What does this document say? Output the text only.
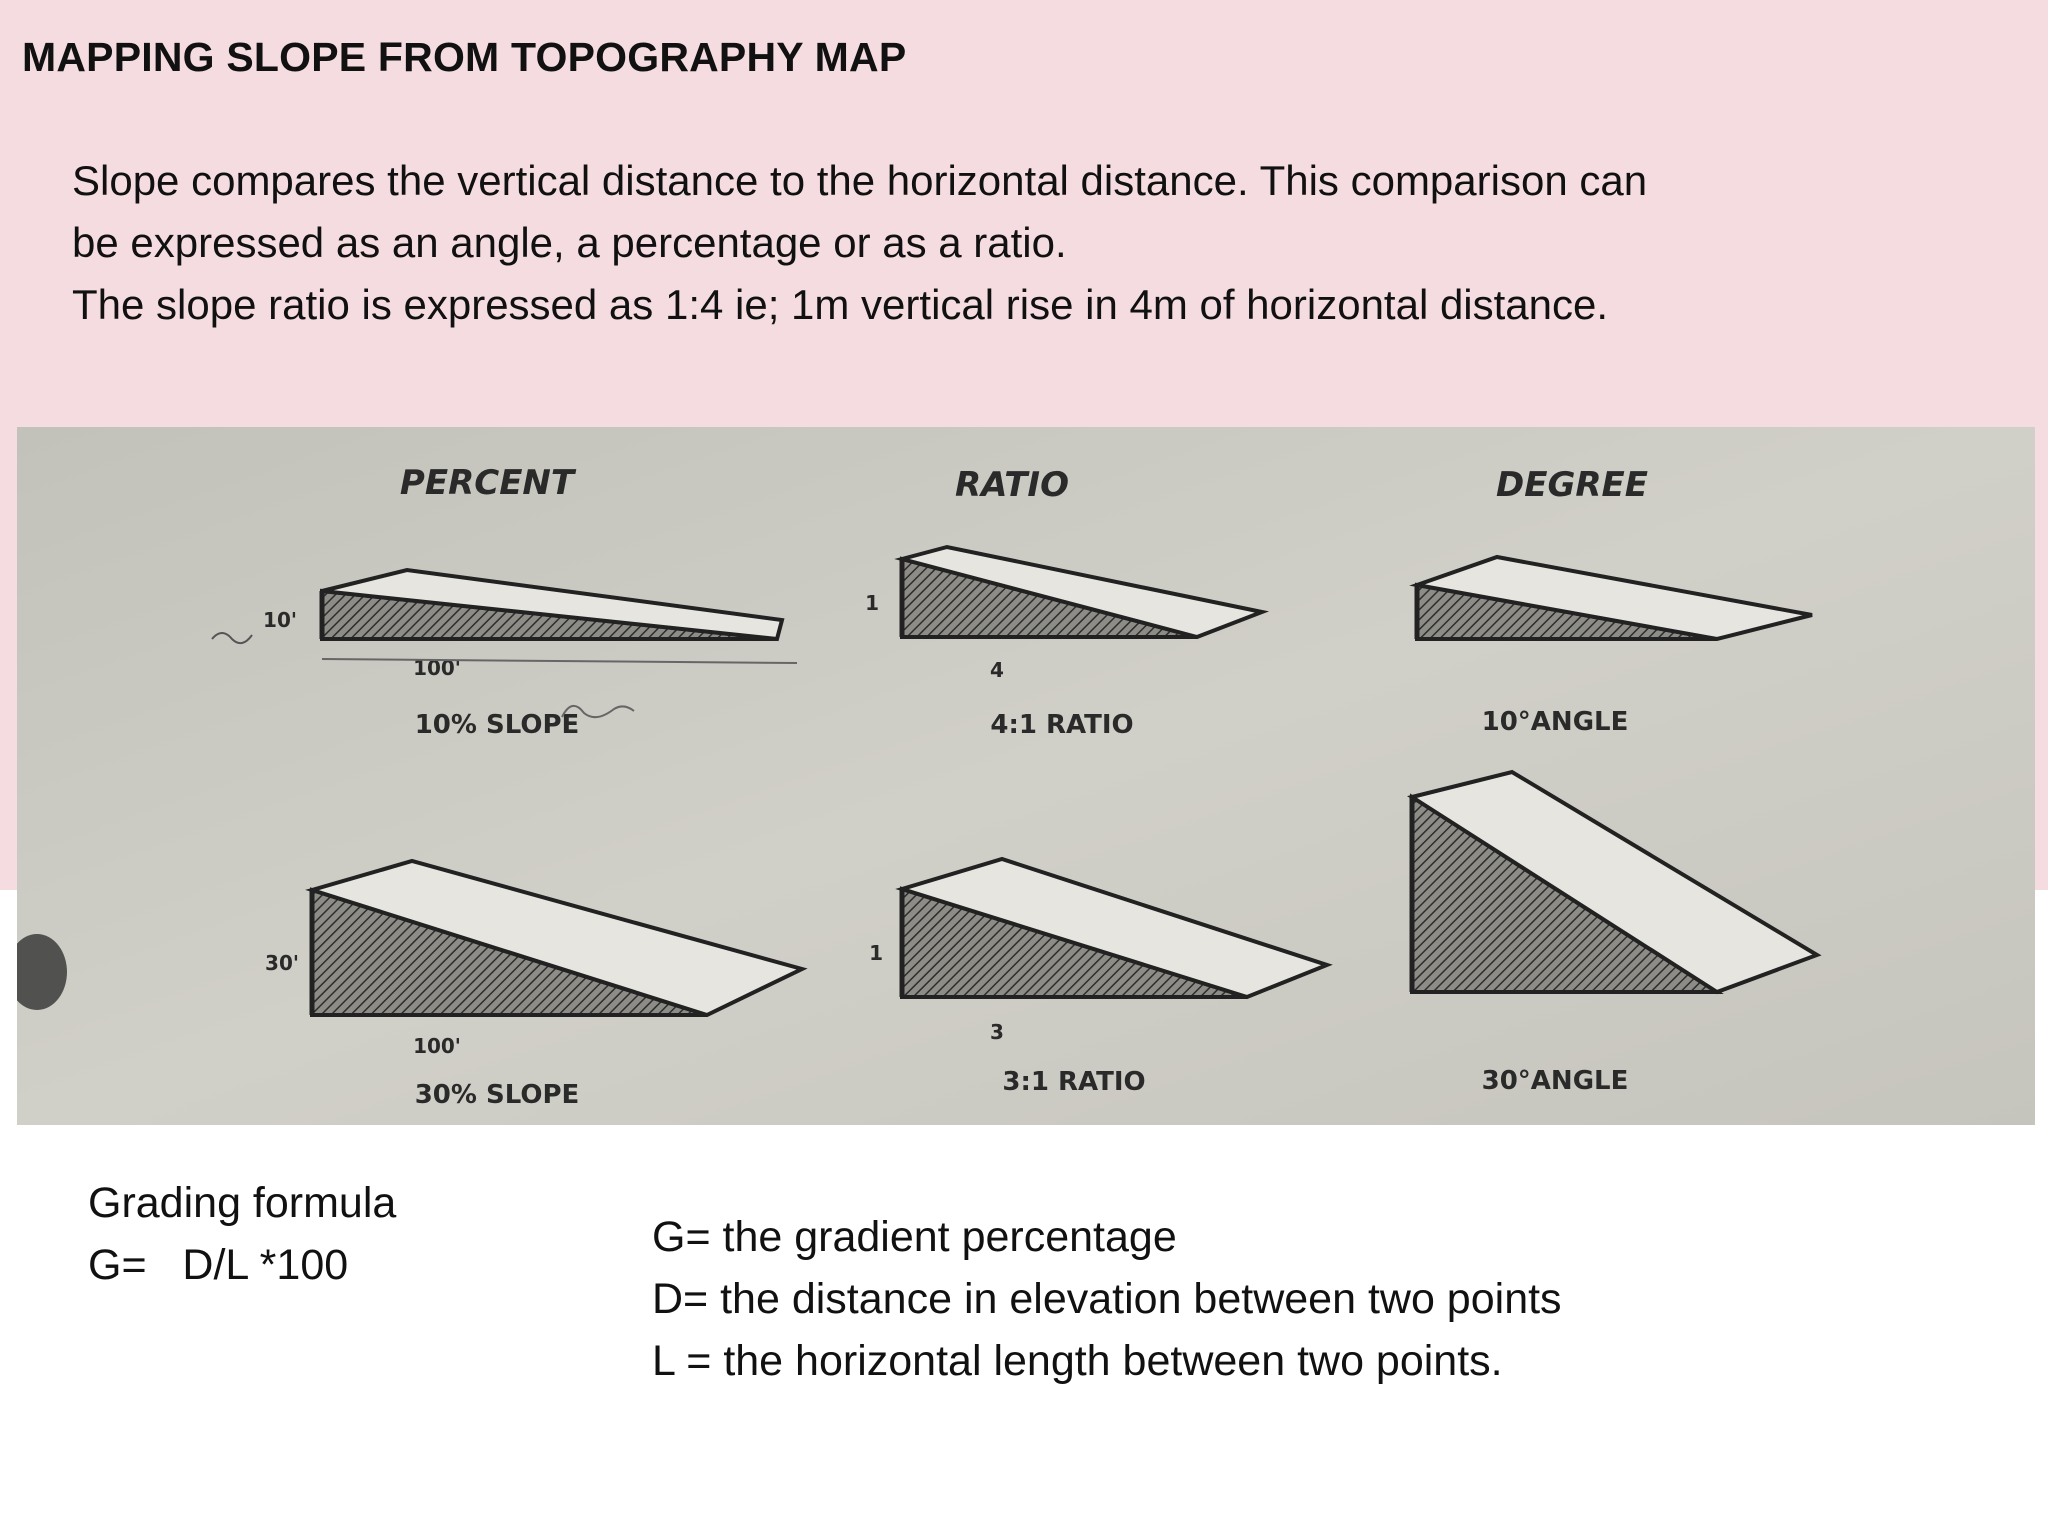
MAPPING SLOPE FROM TOPOGRAPHY MAP
Slope compares the vertical distance to the horizontal distance. This comparison can
be expressed as an angle, a percentage or as a ratio.
The slope ratio is expressed as 1:4 ie; 1m vertical rise in 4m of horizontal distance.
PERCENT	RATIO	DEGREE
10'
100'
10% SLOPE
1
4
4:1 RATIO	10°ANGLE
30'
100'
30% SLOPE
1
3
3:1 RATIO	30°ANGLE
Grading formula
G=   D/L *100
G= the gradient percentage
D= the distance in elevation between two points
L = the horizontal length between two points.
